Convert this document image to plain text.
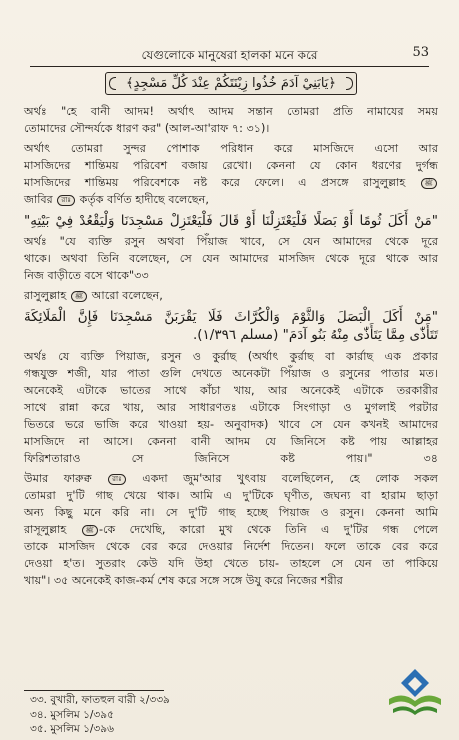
যেগুলোকে মানুষেরা হালকা মনে করে	53
﴿يَابَنِيْ آدَمَ خُذُوا زِيْنَتَكُمْ عِنْدَ كُلِّ مَسْجِدٍ﴾

অর্থঃ "হে বানী আদম! অর্থাৎ আদম সন্তান তোমরা প্রতি নামাযের সময়

তোমাদের সৌন্দর্যকে ধারণ কর" (আল-আ'রাফ ৭: ৩১)।

অর্থাৎ তোমরা সুন্দর পোশাক পরিধান করে মাসজিদে এসো আর

মাসজিদের শান্তিময় পরিবেশ বজায় রেখো। কেননা যে কোন ধরণের দুর্গন্ধ

মাসজিদের শান্তিময় পরিবেশকে নষ্ট করে ফেলে। এ প্রসঙ্গে রাসুলুল্লাহ	ﷺ

জাবির রাঃ কর্তৃক বর্ণিত হাদীছে বলেছেন,

"مَنْ أَكَلَ ثُومًا أَوْ بَصَلًا فَلْيَعْتَزِلْنَا أَوْ قَالَ فَلْيَعْتَزِلْ مَسْجِدَنَا وَلْيَقْعُدْ فِيْ بَيْتِهِ"

অর্থঃ "যে ব্যক্তি রসুন অথবা পিঁয়াজ খাবে, সে যেন আমাদের থেকে দূরে

থাকে। অথবা তিনি বলেছেন, সে যেন আমাদের মাসজিদ থেকে দূরে থাকে আর

নিজ বাড়ীতে বসে থাকে"৩৩

রাসুলুল্লাহ ﷺ আরো বলেছেন,

"مَنْ أَكَلَ الْبَصَلَ وَالثَّوْمَ وَالْكُرَّاثَ فَلَا يَقْرَبَنَّ مَسْجِدَنَا فَإِنَّ الْمَلَائِكَةَ

تَتَأَذّٰى مِمَّا يَتَأَذّٰى مِنْهُ بَنُو آدَمَ" (مسلم ١/٣٩٦).

অর্থঃ যে ব্যক্তি পিয়াজ, রসুন ও কুর্রাছ (অর্থাৎ কুর্রাছ বা কার্রাছ এক প্রকার

গন্ধযুক্ত শজী, যার পাতা গুলি দেখতে অনেকটা পিঁয়াজ ও রসুনের পাতার মত।

অনেকেই এটাকে ভাতের সাথে কাঁচা খায়, আর অনেকেই এটাকে তরকারীর

সাথে রান্না করে খায়, আর সাধারণতঃ এটাকে সিংগাড়া ও মুগলাই পরটার

ভিতরে ভরে ভাজি করে খাওয়া হয়- অনুবাদক) খাবে সে যেন কখনই আমাদের

মাসজিদে না আসে। কেননা বানী আদম যে জিনিসে কষ্ট পায় আল্লাহর

ফিরিশতারাও সে জিনিসে কষ্ট পায়।" ৩৪

উমার ফারুক্ব রাঃ একদা জুম'আর খুৎবায় বলেছিলেন, হে লোক সকল

তোমরা দু'টি গাছ খেয়ে থাক। আমি এ দু'টিকে ঘৃণীত, জঘন্য বা হারাম ছাড়া

অন্য কিছু মনে করি না। সে দু'টি গাছ হচ্ছে পিয়াজ ও রসুন। কেননা আমি

রাসূলুল্লাহ ﷺ -কে দেখেছি, কারো মুখ থেকে তিনি এ দু'টির গন্ধ পেলে

তাকে মাসজিদ থেকে বের করে দেওয়ার নির্দেশ দিতেন। ফলে তাকে বের করে

দেওয়া হ'ত। সুতরাং কেউ যদি উহা খেতে চায়- তাহলে সে যেন তা পাকিয়ে

খায়"। ৩৫ অনেকেই কাজ-কর্ম শেষ করে সঙ্গে সঙ্গে উযু করে নিজের শরীর

৩৩. বুখারী, ফাতহুল বারী ২/৩৩৯
৩৪. মুসলিম ১/৩৯৫
৩৫. মুসলিম ১/৩৯৬
